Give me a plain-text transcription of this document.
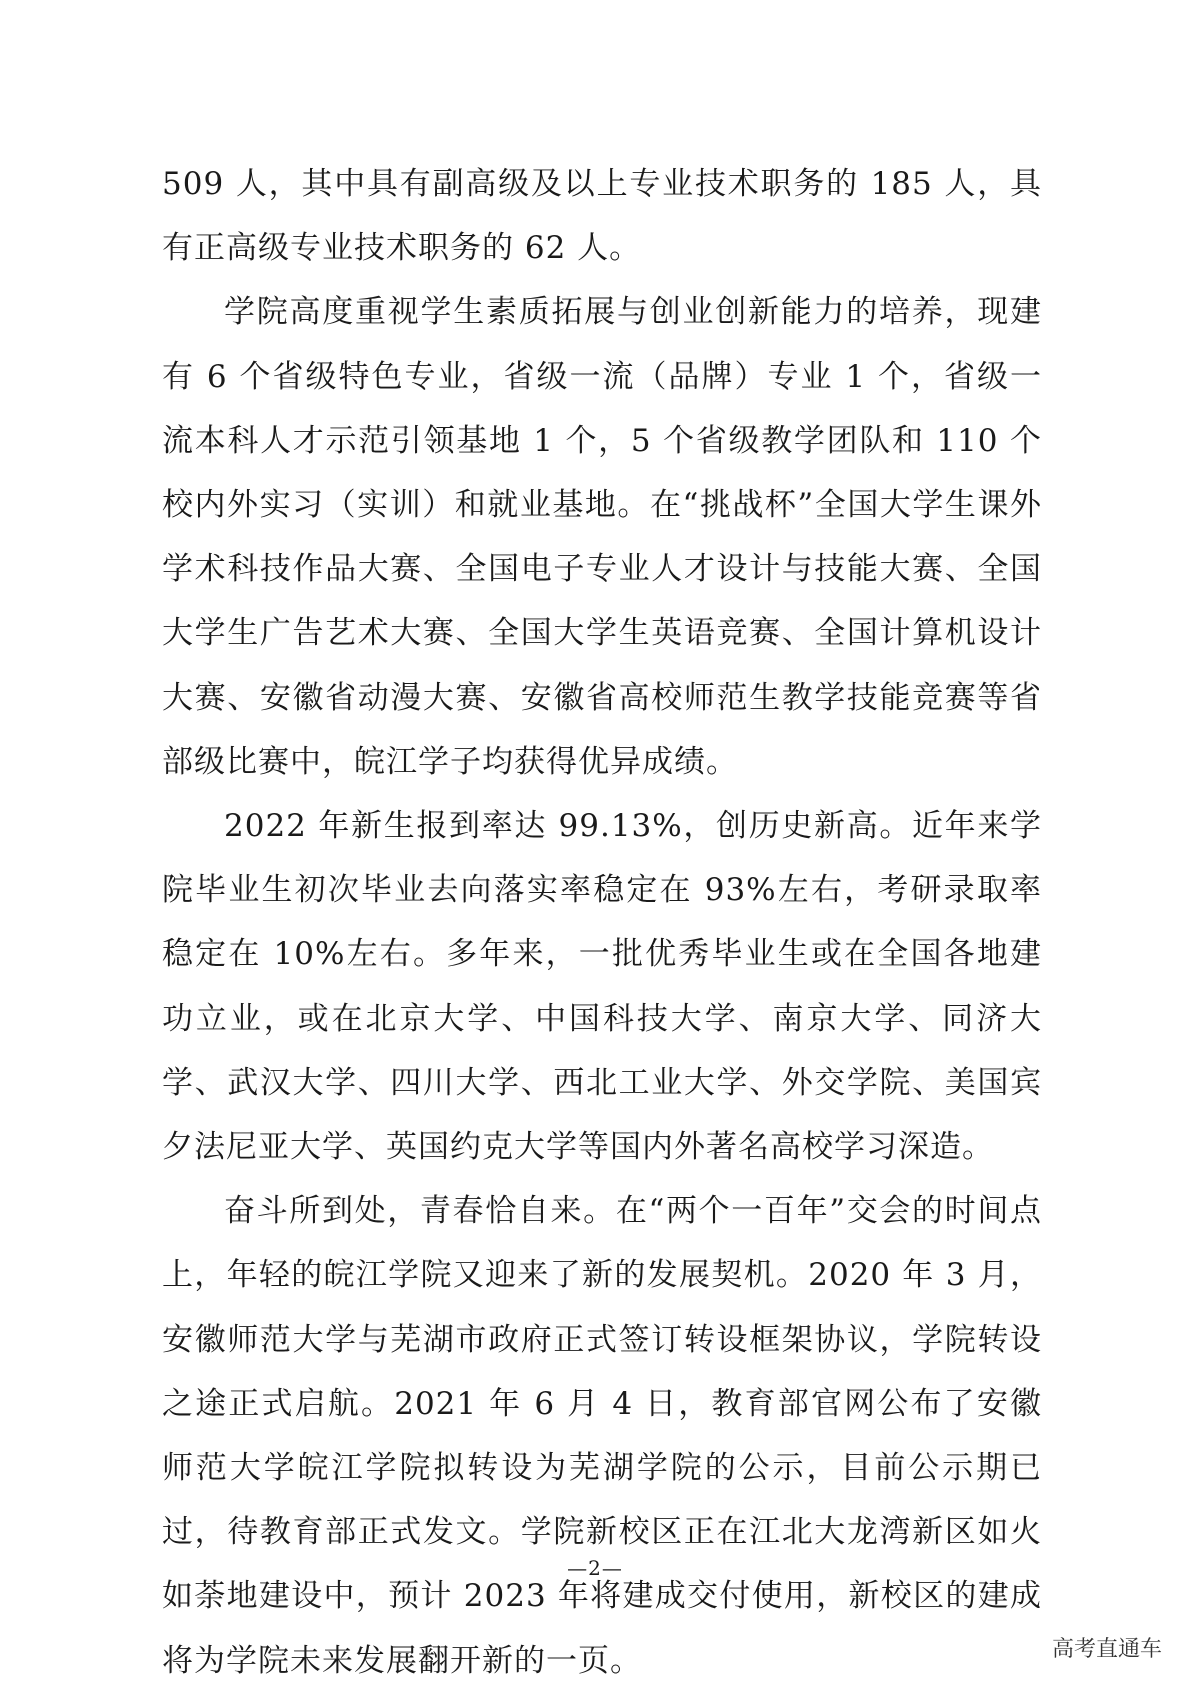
509 人，其中具有副高级及以上专业技术职务的 185 人，具有正高级专业技术职务的 62 人。

学院高度重视学生素质拓展与创业创新能力的培养，现建有 6 个省级特色专业，省级一流（品牌）专业 1 个，省级一流本科人才示范引领基地 1 个，5 个省级教学团队和 110 个校内外实习（实训）和就业基地。在“挑战杯”全国大学生课外学术科技作品大赛、全国电子专业人才设计与技能大赛、全国大学生广告艺术大赛、全国大学生英语竞赛、全国计算机设计大赛、安徽省动漫大赛、安徽省高校师范生教学技能竞赛等省部级比赛中，皖江学子均获得优异成绩。

2022 年新生报到率达 99.13%，创历史新高。近年来学院毕业生初次毕业去向落实率稳定在 93%左右，考研录取率稳定在 10%左右。多年来，一批优秀毕业生或在全国各地建功立业，或在北京大学、中国科技大学、南京大学、同济大学、武汉大学、四川大学、西北工业大学、外交学院、美国宾夕法尼亚大学、英国约克大学等国内外著名高校学习深造。

奋斗所到处，青春恰自来。在“两个一百年”交会的时间点上，年轻的皖江学院又迎来了新的发展契机。2020 年 3 月，安徽师范大学与芜湖市政府正式签订转设框架协议，学院转设之途正式启航。2021 年 6 月 4 日，教育部官网公布了安徽师范大学皖江学院拟转设为芜湖学院的公示，目前公示期已过，待教育部正式发文。学院新校区正在江北大龙湾新区如火如荼地建设中，预计 2023 年将建成交付使用，新校区的建成将为学院未来发展翻开新的一页。

—2—
高考直通车
